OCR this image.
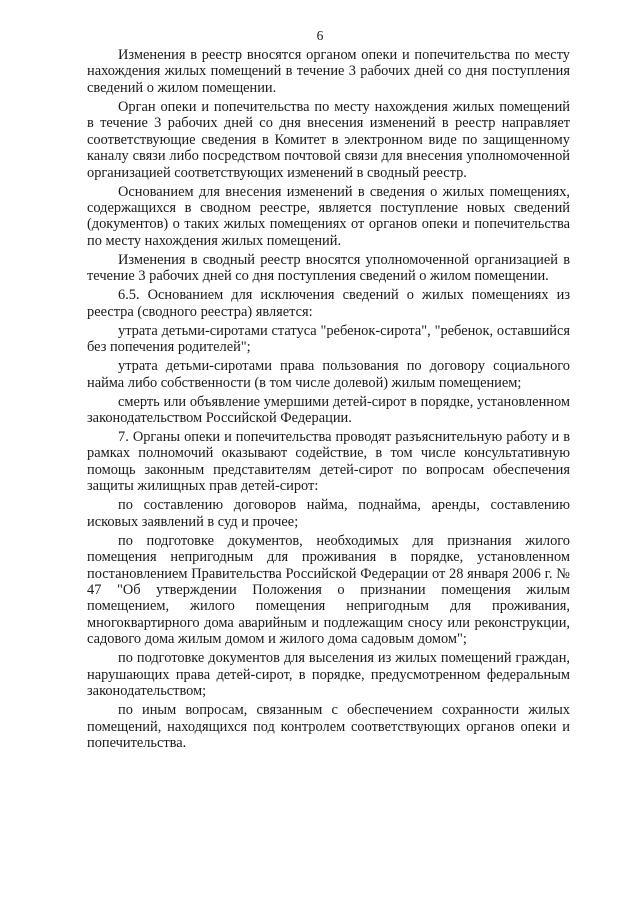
6

Изменения в реестр вносятся органом опеки и попечительства по месту нахождения жилых помещений в течение 3 рабочих дней со дня поступления сведений о жилом помещении.

Орган опеки и попечительства по месту нахождения жилых помещений в течение 3 рабочих дней со дня внесения изменений в реестр направляет соответствующие сведения в Комитет в электронном виде по защищенному каналу связи либо посредством почтовой связи для внесения уполномоченной организацией соответствующих изменений в сводный реестр.

Основанием для внесения изменений в сведения о жилых помещениях, содержащихся в сводном реестре, является поступление новых сведений (документов) о таких жилых помещениях от органов опеки и попечительства по месту нахождения жилых помещений.

Изменения в сводный реестр вносятся уполномоченной организацией в течение 3 рабочих дней со дня поступления сведений о жилом помещении.

6.5. Основанием для исключения сведений о жилых помещениях из реестра (сводного реестра) является:

утрата детьми-сиротами статуса "ребенок-сирота", "ребенок, оставшийся без попечения родителей";

утрата детьми-сиротами права пользования по договору социального найма либо собственности (в том числе долевой) жилым помещением;

смерть или объявление умершими детей-сирот в порядке, установленном законодательством Российской Федерации.

7. Органы опеки и попечительства проводят разъяснительную работу и в рамках полномочий оказывают содействие, в том числе консультативную помощь законным представителям детей-сирот по вопросам обеспечения защиты жилищных прав детей-сирот:

по составлению договоров найма, поднайма, аренды, составлению исковых заявлений в суд и прочее;

по подготовке документов, необходимых для признания жилого помещения непригодным для проживания в порядке, установленном постановлением Правительства Российской Федерации от 28 января 2006 г. № 47 "Об утверждении Положения о признании помещения жилым помещением, жилого помещения непригодным для проживания, многоквартирного дома аварийным и подлежащим сносу или реконструкции, садового дома жилым домом и жилого дома садовым домом";

по подготовке документов для выселения из жилых помещений граждан, нарушающих права детей-сирот, в порядке, предусмотренном федеральным законодательством;

по иным вопросам, связанным с обеспечением сохранности жилых помещений, находящихся под контролем соответствующих органов опеки и попечительства.
